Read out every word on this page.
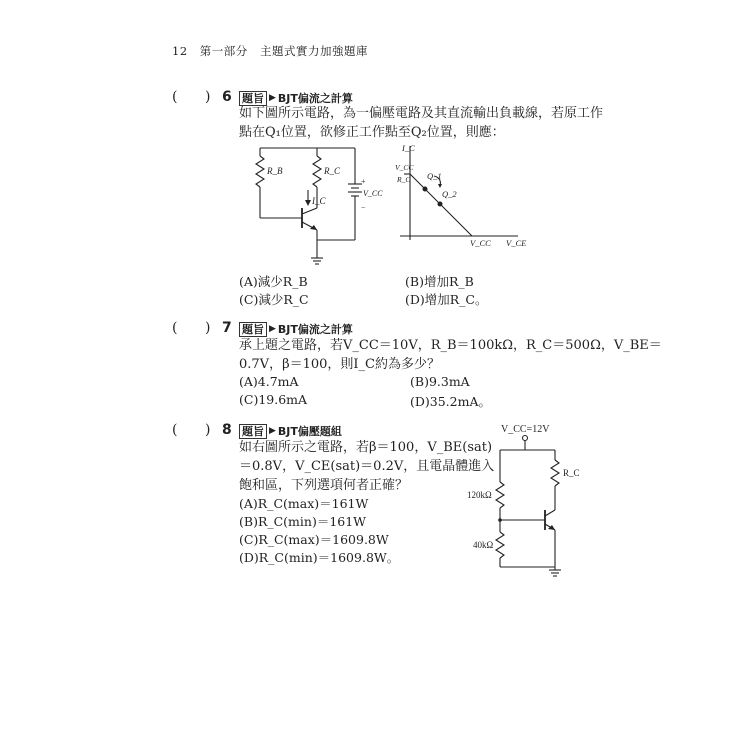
12 第一部分 主題式實力加強題庫
( ) 6 題旨 ▶ BJT偏流之計算
如下圖所示電路，為一偏壓電路及其直流輸出負載線，若原工作
點在Q₁位置，欲修正工作點至Q₂位置，則應：
R_B	R_C
I_C
V_CC
+
−
I_C
V_CE
V_CC
R_C Q_1
Q_2
V_CC
(A)減少R_B	(B)增加R_B
(C)減少R_C	(D)增加R_C。
( ) 7 題旨 ▶ BJT偏流之計算
承上題之電路，若V_CC＝10V，R_B＝100kΩ，R_C＝500Ω，V_BE＝
0.7V，β＝100，則I_C約為多少？
(A)4.7mA	(B)9.3mA
(C)19.6mA	(D)35.2mA。
( ) 8 題旨 ▶ BJT偏壓題組
如右圖所示之電路，若β＝100，V_BE(sat)
＝0.8V，V_CE(sat)＝0.2V，且電晶體進入
飽和區，下列選項何者正確？
(A)R_C(max)＝161W
(B)R_C(min)＝161W
(C)R_C(max)＝1609.8W
(D)R_C(min)＝1609.8W。
V_CC=12V
120kΩ
40kΩ
R_C
